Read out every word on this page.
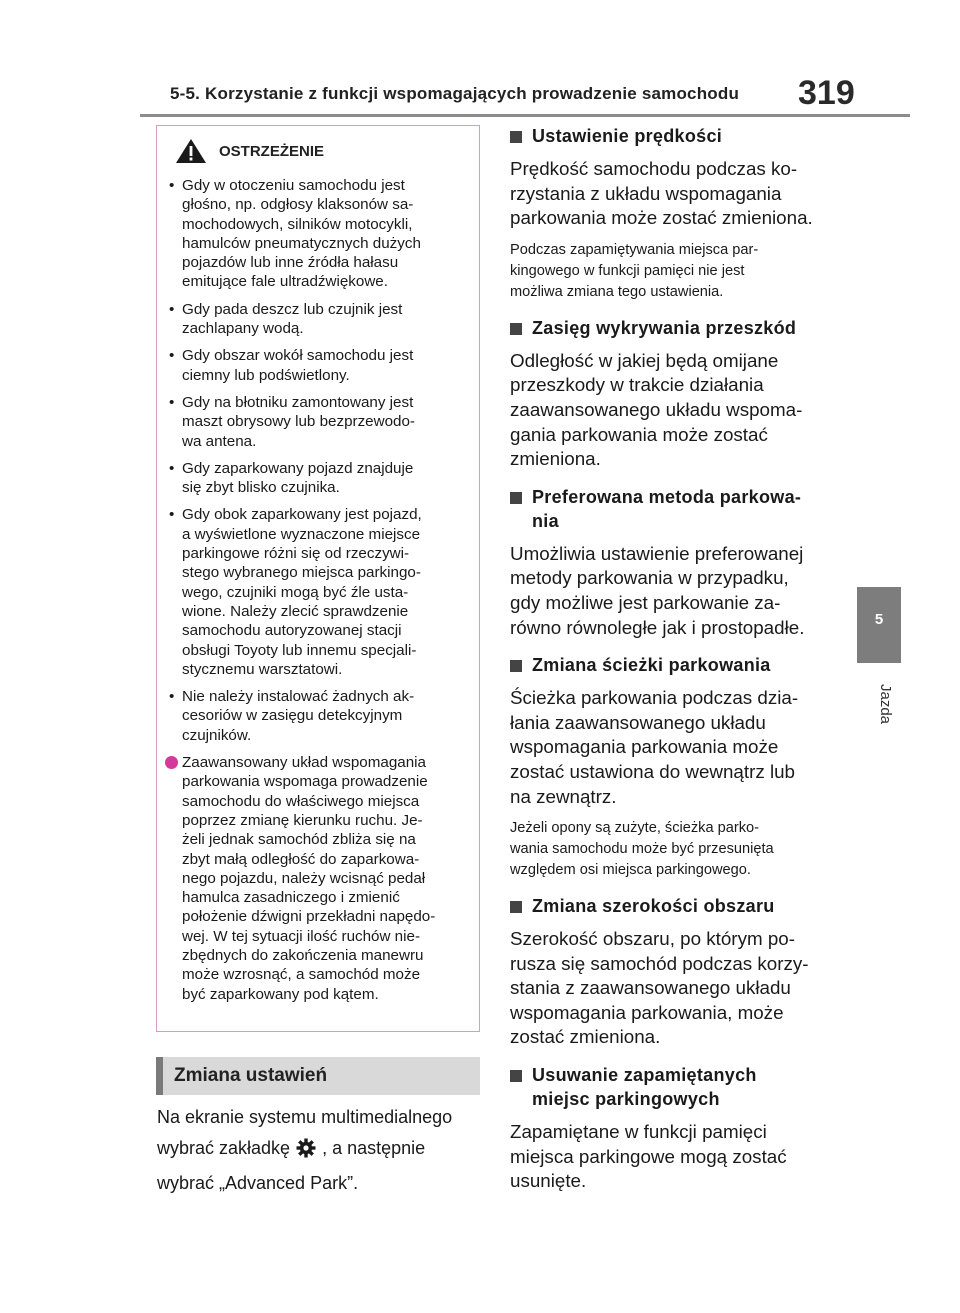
5-5. Korzystanie z funkcji wspomagających prowadzenie samochodu 319
5
Jazda
OSTRZEŻENIE
• Gdy w otoczeniu samochodu jest
głośno, np. odgłosy klaksonów sa-
mochodowych, silników motocykli,
hamulców pneumatycznych dużych
pojazdów lub inne źródła hałasu
emitujące fale ultradźwiękowe.
• Gdy pada deszcz lub czujnik jest
zachlapany wodą.
• Gdy obszar wokół samochodu jest
ciemny lub podświetlony.
• Gdy na błotniku zamontowany jest
maszt obrysowy lub bezprzewodo-
wa antena.
• Gdy zaparkowany pojazd znajduje
się zbyt blisko czujnika.
• Gdy obok zaparkowany jest pojazd,
a wyświetlone wyznaczone miejsce
parkingowe różni się od rzeczywi-
stego wybranego miejsca parkingo-
wego, czujniki mogą być źle usta-
wione. Należy zlecić sprawdzenie
samochodu autoryzowanej stacji
obsługi Toyoty lub innemu specjali-
stycznemu warsztatowi.
• Nie należy instalować żadnych ak-
cesoriów w zasięgu detekcyjnym
czujników.
Zaawansowany układ wspomagania
parkowania wspomaga prowadzenie
samochodu do właściwego miejsca
poprzez zmianę kierunku ruchu. Je-
żeli jednak samochód zbliża się na
zbyt małą odległość do zaparkowa-
nego pojazdu, należy wcisnąć pedał
hamulca zasadniczego i zmienić
położenie dźwigni przekładni napędo-
wej. W tej sytuacji ilość ruchów nie-
zbędnych do zakończenia manewru
może wzrosnąć, a samochód może
być zaparkowany pod kątem.
Zmiana ustawień
Na ekranie systemu multimedialnego
wybrać zakładkę , a następnie
wybrać „Advanced Park”.
Ustawienie prędkości
Prędkość samochodu podczas ko-
rzystania z układu wspomagania
parkowania może zostać zmieniona.
Podczas zapamiętywania miejsca par-
kingowego w funkcji pamięci nie jest
możliwa zmiana tego ustawienia.
Zasięg wykrywania przeszkód
Odległość w jakiej będą omijane
przeszkody w trakcie działania
zaawansowanego układu wspoma-
gania parkowania może zostać
zmieniona.
Preferowana metoda parkowa-
nia
Umożliwia ustawienie preferowanej
metody parkowania w przypadku,
gdy możliwe jest parkowanie za-
równo równoległe jak i prostopadłe.
Zmiana ścieżki parkowania
Ścieżka parkowania podczas dzia-
łania zaawansowanego układu
wspomagania parkowania może
zostać ustawiona do wewnątrz lub
na zewnątrz.
Jeżeli opony są zużyte, ścieżka parko-
wania samochodu może być przesunięta
względem osi miejsca parkingowego.
Zmiana szerokości obszaru
Szerokość obszaru, po którym po-
rusza się samochód podczas korzy-
stania z zaawansowanego układu
wspomagania parkowania, może
zostać zmieniona.
Usuwanie zapamiętanych
miejsc parkingowych
Zapamiętane w funkcji pamięci
miejsca parkingowe mogą zostać
usunięte.
